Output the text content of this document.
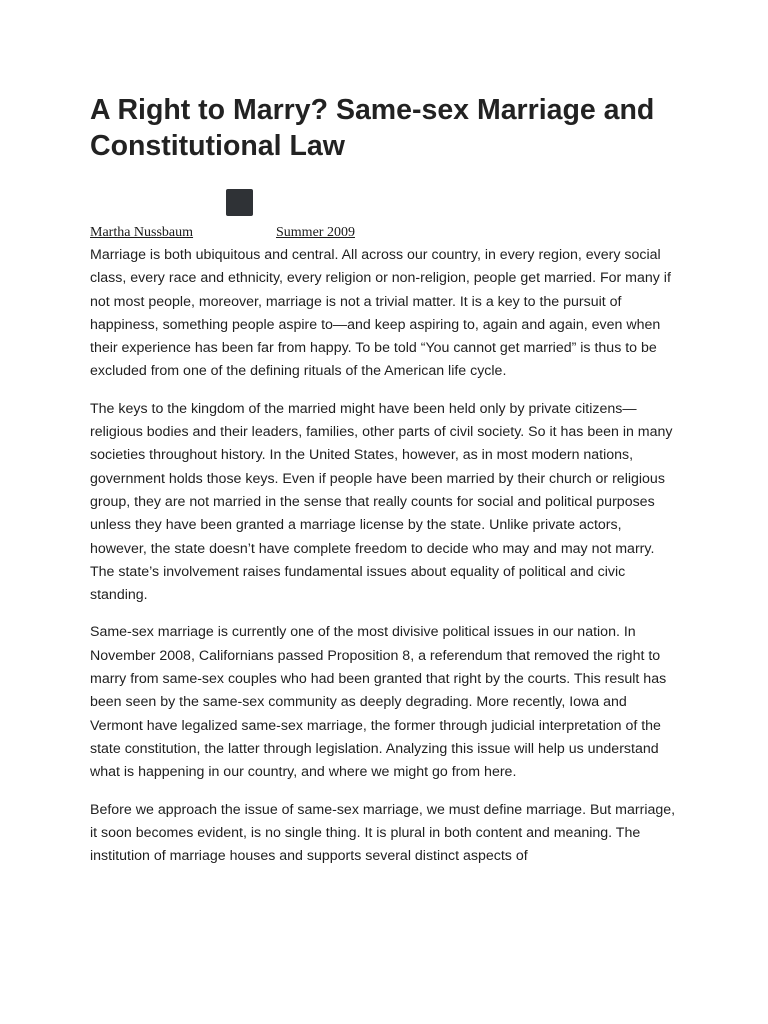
A Right to Marry? Same-sex Marriage and Constitutional Law
Martha Nussbaum	Summer 2009

Marriage is both ubiquitous and central. All across our country, in every region, every social class, every race and ethnicity, every religion or non-religion, people get married. For many if not most people, moreover, marriage is not a trivial matter. It is a key to the pursuit of happiness, something people aspire to—and keep aspiring to, again and again, even when their experience has been far from happy. To be told “You cannot get married” is thus to be excluded from one of the defining rituals of the American life cycle.

The keys to the kingdom of the married might have been held only by private citizens—religious bodies and their leaders, families, other parts of civil society. So it has been in many societies throughout history. In the United States, however, as in most modern nations, government holds those keys. Even if people have been married by their church or religious group, they are not married in the sense that really counts for social and political purposes unless they have been granted a marriage license by the state. Unlike private actors, however, the state doesn’t have complete freedom to decide who may and may not marry. The state’s involvement raises fundamental issues about equality of political and civic standing.

Same-sex marriage is currently one of the most divisive political issues in our nation. In November 2008, Californians passed Proposition 8, a referendum that removed the right to marry from same-sex couples who had been granted that right by the courts. This result has been seen by the same-sex community as deeply degrading. More recently, Iowa and Vermont have legalized same-sex marriage, the former through judicial interpretation of the state constitution, the latter through legislation. Analyzing this issue will help us understand what is happening in our country, and where we might go from here.

Before we approach the issue of same-sex marriage, we must define marriage. But marriage, it soon becomes evident, is no single thing. It is plural in both content and meaning. The institution of marriage houses and supports several distinct aspects of
